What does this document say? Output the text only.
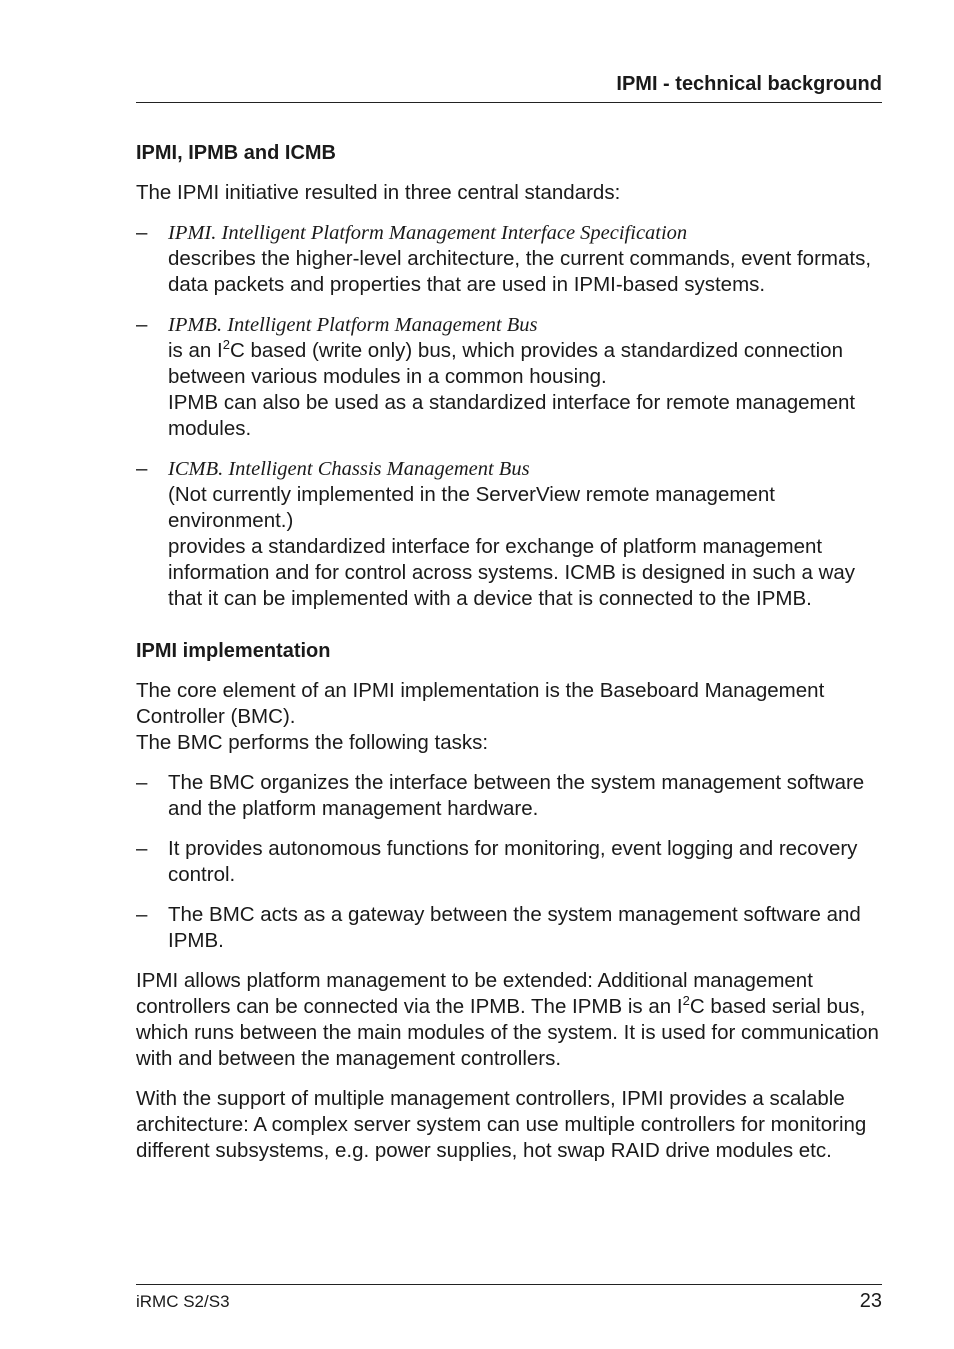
IPMI - technical background
IPMI, IPMB and ICMB

The IPMI initiative resulted in three central standards:

– IPMI. Intelligent Platform Management Interface Specification
describes the higher-level architecture, the current commands, event formats, data packets and properties that are used in IPMI-based systems.
– IPMB. Intelligent Platform Management Bus
is an $I^2C$ based (write only) bus, which provides a standardized connection between various modules in a common housing.
IPMB can also be used as a standardized interface for remote management modules.
– ICMB. Intelligent Chassis Management Bus
(Not currently implemented in the ServerView remote management environment.)
provides a standardized interface for exchange of platform management information and for control across systems. ICMB is designed in such a way that it can be implemented with a device that is connected to the IPMB.
IPMI implementation

The core element of an IPMI implementation is the Baseboard Management Controller (BMC).

The BMC performs the following tasks:

– The BMC organizes the interface between the system management software and the platform management hardware.
– It provides autonomous functions for monitoring, event logging and recovery control.
– The BMC acts as a gateway between the system management software and IPMB.

IPMI allows platform management to be extended: Additional management controllers can be connected via the IPMB. The IPMB is an $I^2C$ based serial bus, which runs between the main modules of the system. It is used for communication with and between the management controllers.

With the support of multiple management controllers, IPMI provides a scalable architecture: A complex server system can use multiple controllers for monitoring different subsystems, e.g. power supplies, hot swap RAID drive modules etc.

iRMC S2/S3	23
